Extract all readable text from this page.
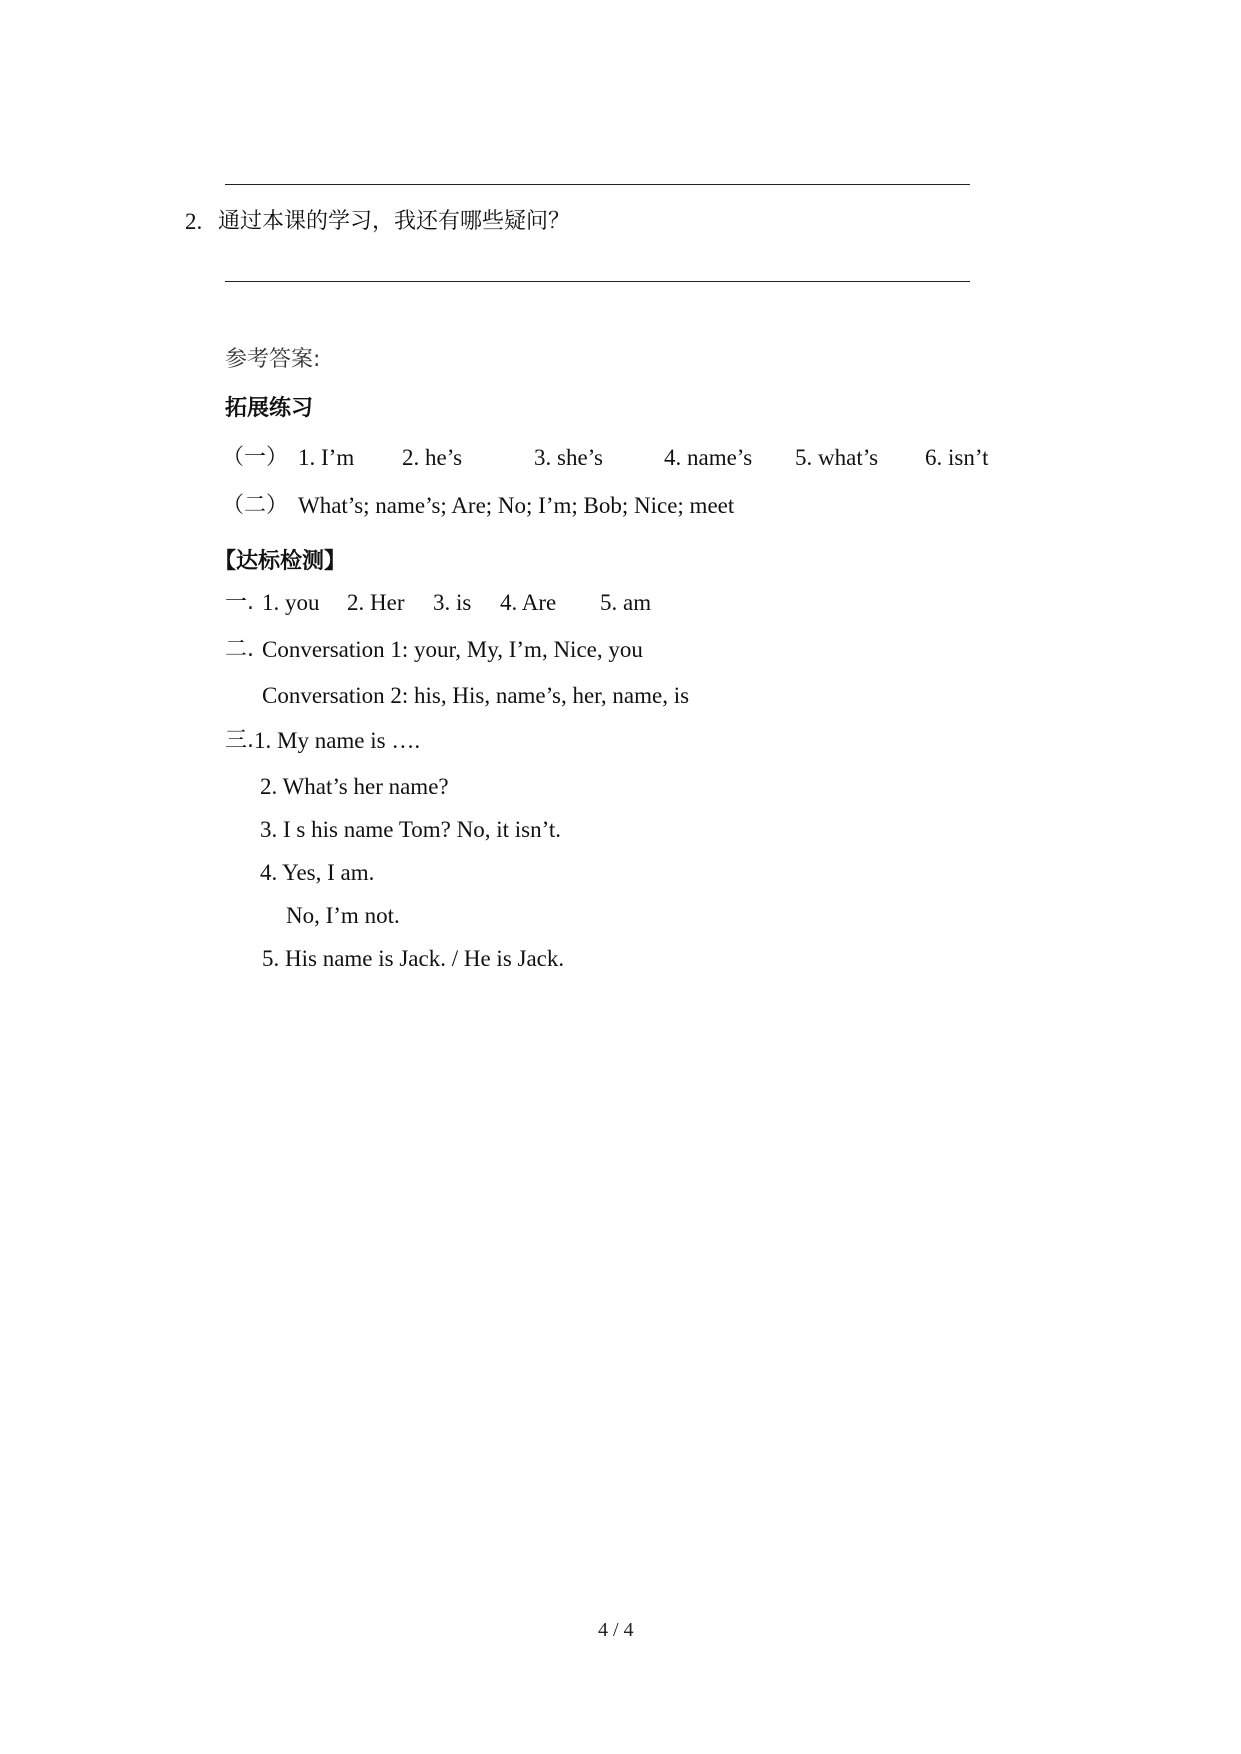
2. 通过本课的学习，我还有哪些疑问？
参考答案:
拓展练习
（一） 1. I’m 2. he’s	3. she’s	4. name’s 5. what’s 6. isn’t
（二） What’s; name’s; Are; No; I’m; Bob; Nice; meet
【达标检测】
一. 1. you 2. Her 3. is 4. Are 5. am
二. Conversation 1: your, My, I’m, Nice, you
Conversation 2: his, His, name’s, her, name, is
三. 1. My name is ….
2. What’s her name?
3. I s his name Tom? No, it isn’t.
4. Yes, I am.
No, I’m not.
5. His name is Jack. / He is Jack.
4 / 4
